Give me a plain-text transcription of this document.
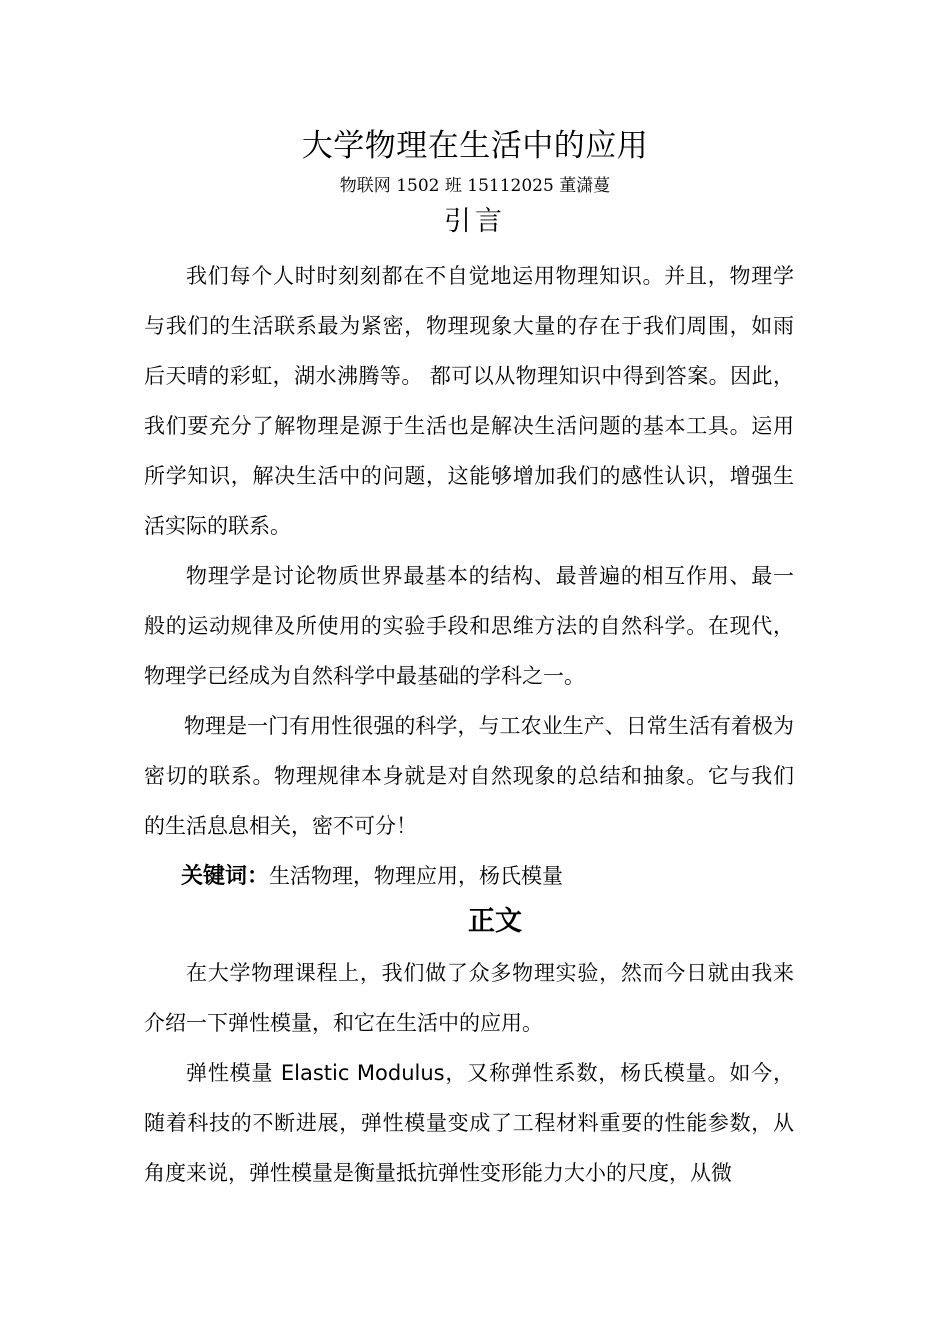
大学物理在生活中的应用
物联网 1502 班 15112025 董潇蔓
引言

我们每个人时时刻刻都在不自觉地运用物理知识。并且，物理学与我们的生活联系最为紧密，物理现象大量的存在于我们周围，如雨后天晴的彩虹，湖水沸腾等。 都可以从物理知识中得到答案。因此，我们要充分了解物理是源于生活也是解决生活问题的基本工具。运用所学知识，解决生活中的问题，这能够增加我们的感性认识，增强生活实际的联系。

物理学是讨论物质世界最基本的结构、最普遍的相互作用、最一般的运动规律及所使用的实验手段和思维方法的自然科学。在现代，物理学已经成为自然科学中最基础的学科之一。

物理是一门有用性很强的科学，与工农业生产、日常生活有着极为密切的联系。物理规律本身就是对自然现象的总结和抽象。它与我们的生活息息相关，密不可分！

关键词：生活物理，物理应用，杨氏模量

正文

在大学物理课程上，我们做了众多物理实验，然而今日就由我来介绍一下弹性模量，和它在生活中的应用。

弹性模量 Elastic Modulus，又称弹性系数，杨氏模量。如今，随着科技的不断进展，弹性模量变成了工程材料重要的性能参数，从角度来说，弹性模量是衡量抵抗弹性变形能力大小的尺度，从微
